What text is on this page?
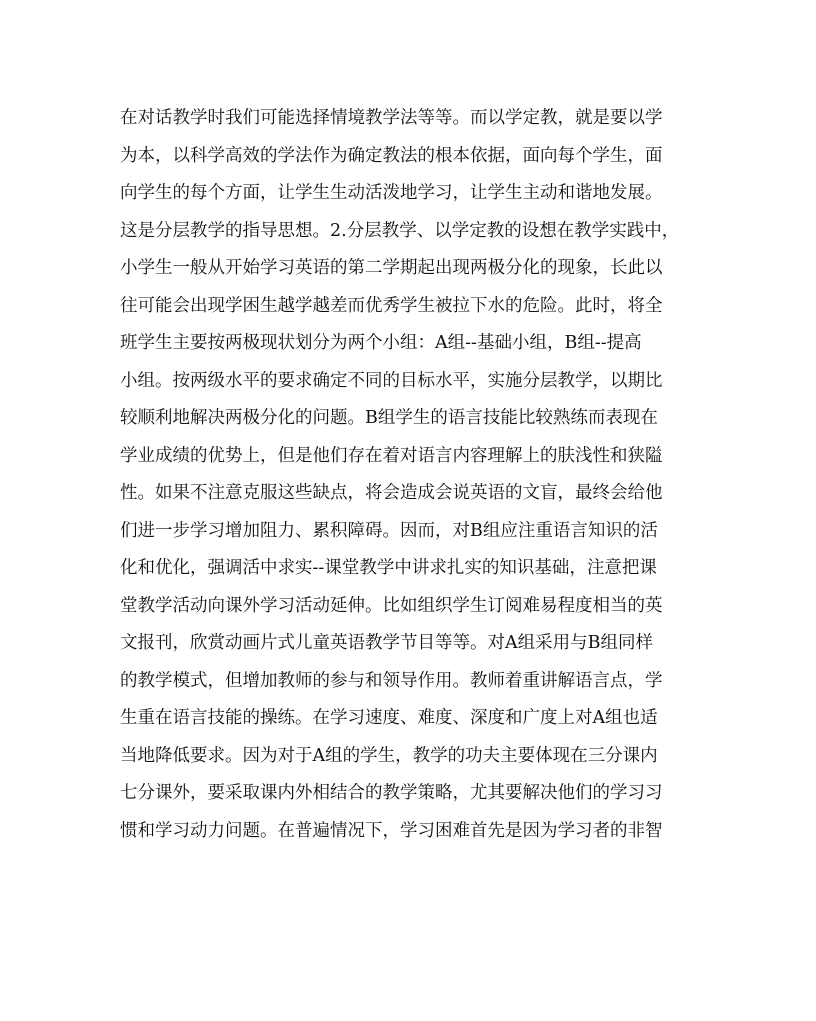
在对话教学时我们可能选择情境教学法等等。而以学定教，就是要以学
为本，以科学高效的学法作为确定教法的根本依据，面向每个学生，面
向学生的每个方面，让学生生动活泼地学习，让学生主动和谐地发展。
这是分层教学的指导思想。2.分层教学、以学定教的设想在教学实践中，
小学生一般从开始学习英语的第二学期起出现两极分化的现象，长此以
往可能会出现学困生越学越差而优秀学生被拉下水的危险。此时，将全
班学生主要按两极现状划分为两个小组：A组--基础小组，B组--提高
小组。按两级水平的要求确定不同的目标水平，实施分层教学，以期比
较顺利地解决两极分化的问题。B组学生的语言技能比较熟练而表现在
学业成绩的优势上，但是他们存在着对语言内容理解上的肤浅性和狭隘
性。如果不注意克服这些缺点，将会造成会说英语的文盲，最终会给他
们进一步学习增加阻力、累积障碍。因而，对B组应注重语言知识的活
化和优化，强调活中求实--课堂教学中讲求扎实的知识基础，注意把课
堂教学活动向课外学习活动延伸。比如组织学生订阅难易程度相当的英
文报刊，欣赏动画片式儿童英语教学节目等等。对A组采用与B组同样
的教学模式，但增加教师的参与和领导作用。教师着重讲解语言点，学
生重在语言技能的操练。在学习速度、难度、深度和广度上对A组也适
当地降低要求。因为对于A组的学生，教学的功夫主要体现在三分课内
七分课外，要采取课内外相结合的教学策略，尤其要解决他们的学习习
惯和学习动力问题。在普遍情况下，学习困难首先是因为学习者的非智
